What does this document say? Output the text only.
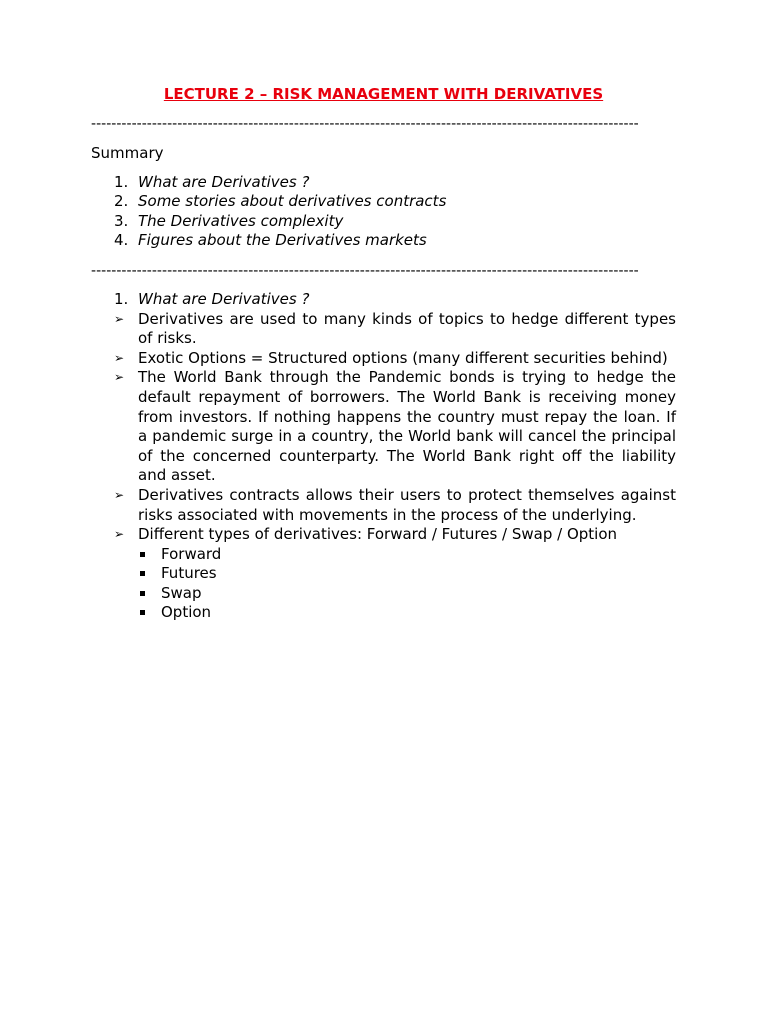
LECTURE 2 – RISK MANAGEMENT WITH DERIVATIVES
------------------------------------------------------------------------------------------------------------
Summary
1. What are Derivatives ?
2. Some stories about derivatives contracts
3. The Derivatives complexity
4. Figures about the Derivatives markets
------------------------------------------------------------------------------------------------------------
1. What are Derivatives ?
➢ Derivatives are used to many kinds of topics to hedge different types of risks.
➢ Exotic Options = Structured options (many different securities behind)
➢ The World Bank through the Pandemic bonds is trying to hedge the default repayment of borrowers. The World Bank is receiving money from investors. If nothing happens the country must repay the loan. If a pandemic surge in a country, the World bank will cancel the principal of the concerned counterparty. The World Bank right off the liability and asset.
➢ Derivatives contracts allows their users to protect themselves against risks associated with movements in the process of the underlying.
➢ Different types of derivatives: Forward / Futures / Swap / Option
Forward
Futures
Swap
Option
